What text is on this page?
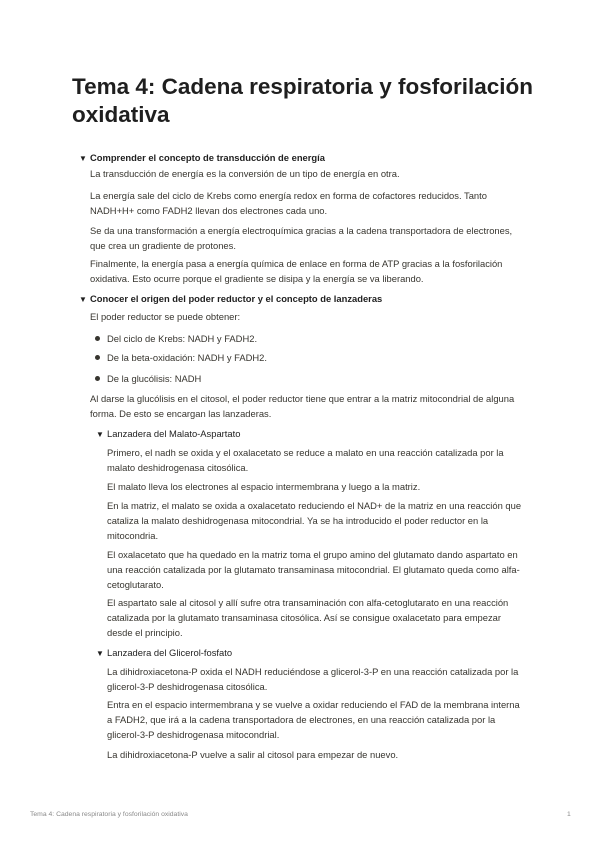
Tema 4: Cadena respiratoria y fosforilación oxidativa
▼ Comprender el concepto de transducción de energía

La transducción de energía es la conversión de un tipo de energía en otra.

La energía sale del ciclo de Krebs como energía redox en forma de cofactores reducidos. Tanto NADH+H+ como FADH2 llevan dos electrones cada uno.

Se da una transformación a energía electroquímica gracias a la cadena transportadora de electrones, que crea un gradiente de protones.

Finalmente, la energía pasa a energía química de enlace en forma de ATP gracias a la fosforilación oxidativa. Esto ocurre porque el gradiente se disipa y la energía se va liberando.

▼ Conocer el origen del poder reductor y el concepto de lanzaderas

El poder reductor se puede obtener:

Del ciclo de Krebs: NADH y FADH2.
De la beta-oxidación: NADH y FADH2.
De la glucólisis: NADH

Al darse la glucólisis en el citosol, el poder reductor tiene que entrar a la matriz mitocondrial de alguna forma. De esto se encargan las lanzaderas.

▼ Lanzadera del Malato-Aspartato

Primero, el nadh se oxida y el oxalacetato se reduce a malato en una reacción catalizada por la malato deshidrogenasa citosólica.

El malato lleva los electrones al espacio intermembrana y luego a la matriz.

En la matriz, el malato se oxida a oxalacetato reduciendo el NAD+ de la matriz en una reacción que cataliza la malato deshidrogenasa mitocondrial. Ya se ha introducido el poder reductor en la mitocondria.

El oxalacetato que ha quedado en la matriz toma el grupo amino del glutamato dando aspartato en una reacción catalizada por la glutamato transaminasa mitocondrial. El glutamato queda como alfa-cetoglutarato.

El aspartato sale al citosol y allí sufre otra transaminación con alfa-cetoglutarato en una reacción catalizada por la glutamato transaminasa citosólica. Así se consigue oxalacetato para empezar desde el principio.

▼ Lanzadera del Glicerol-fosfato

La dihidroxiacetona-P oxida el NADH reduciéndose a glicerol-3-P en una reacción catalizada por la glicerol-3-P deshidrogenasa citosólica.

Entra en el espacio intermembrana y se vuelve a oxidar reduciendo el FAD de la membrana interna a FADH2, que irá a la cadena transportadora de electrones, en una reacción catalizada por la glicerol-3-P deshidrogenasa mitocondrial.

La dihidroxiacetona-P vuelve a salir al citosol para empezar de nuevo.

Tema 4: Cadena respiratoria y fosforilación oxidativa	1
